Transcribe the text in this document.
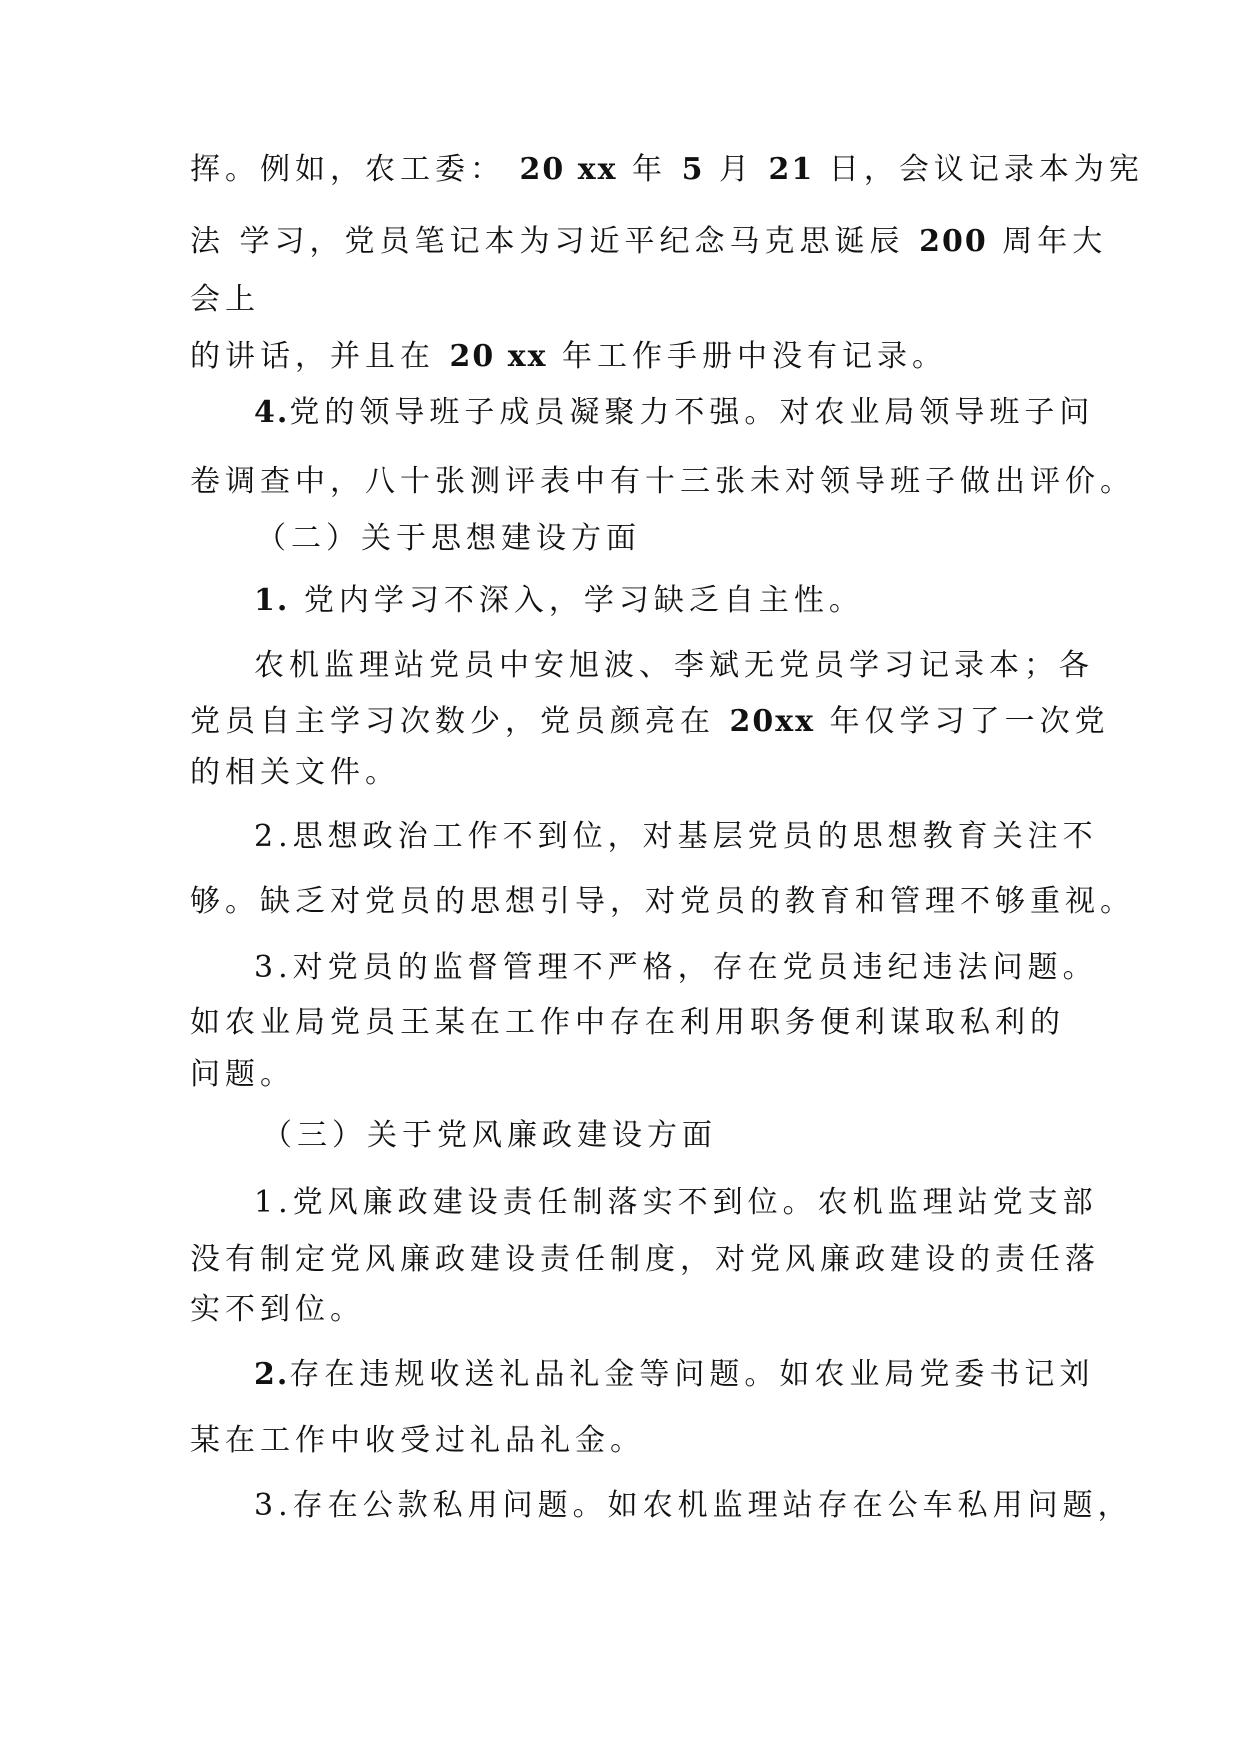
挥。例如，农工委： 20 xx 年 5 月 21 日，会议记录本为宪
法 学习，党员笔记本为习近平纪念马克思诞辰 200 周年大
会上
的讲话，并且在 20 xx 年工作手册中没有记录。
4.党的领导班子成员凝聚力不强。对农业局领导班子问
卷调查中，八十张测评表中有十三张未对领导班子做出评价。
（二）关于思想建设方面
1. 党内学习不深入，学习缺乏自主性。
农机监理站党员中安旭波、李斌无党员学习记录本；各
党员自主学习次数少，党员颜亮在 20xx 年仅学习了一次党
的相关文件。
2.思想政治工作不到位，对基层党员的思想教育关注不
够。缺乏对党员的思想引导，对党员的教育和管理不够重视。
3.对党员的监督管理不严格，存在党员违纪违法问题。
如农业局党员王某在工作中存在利用职务便利谋取私利的
问题。
（三）关于党风廉政建设方面
1.党风廉政建设责任制落实不到位。农机监理站党支部
没有制定党风廉政建设责任制度，对党风廉政建设的责任落
实不到位。
2.存在违规收送礼品礼金等问题。如农业局党委书记刘
某在工作中收受过礼品礼金。
3.存在公款私用问题。如农机监理站存在公车私用问题，
